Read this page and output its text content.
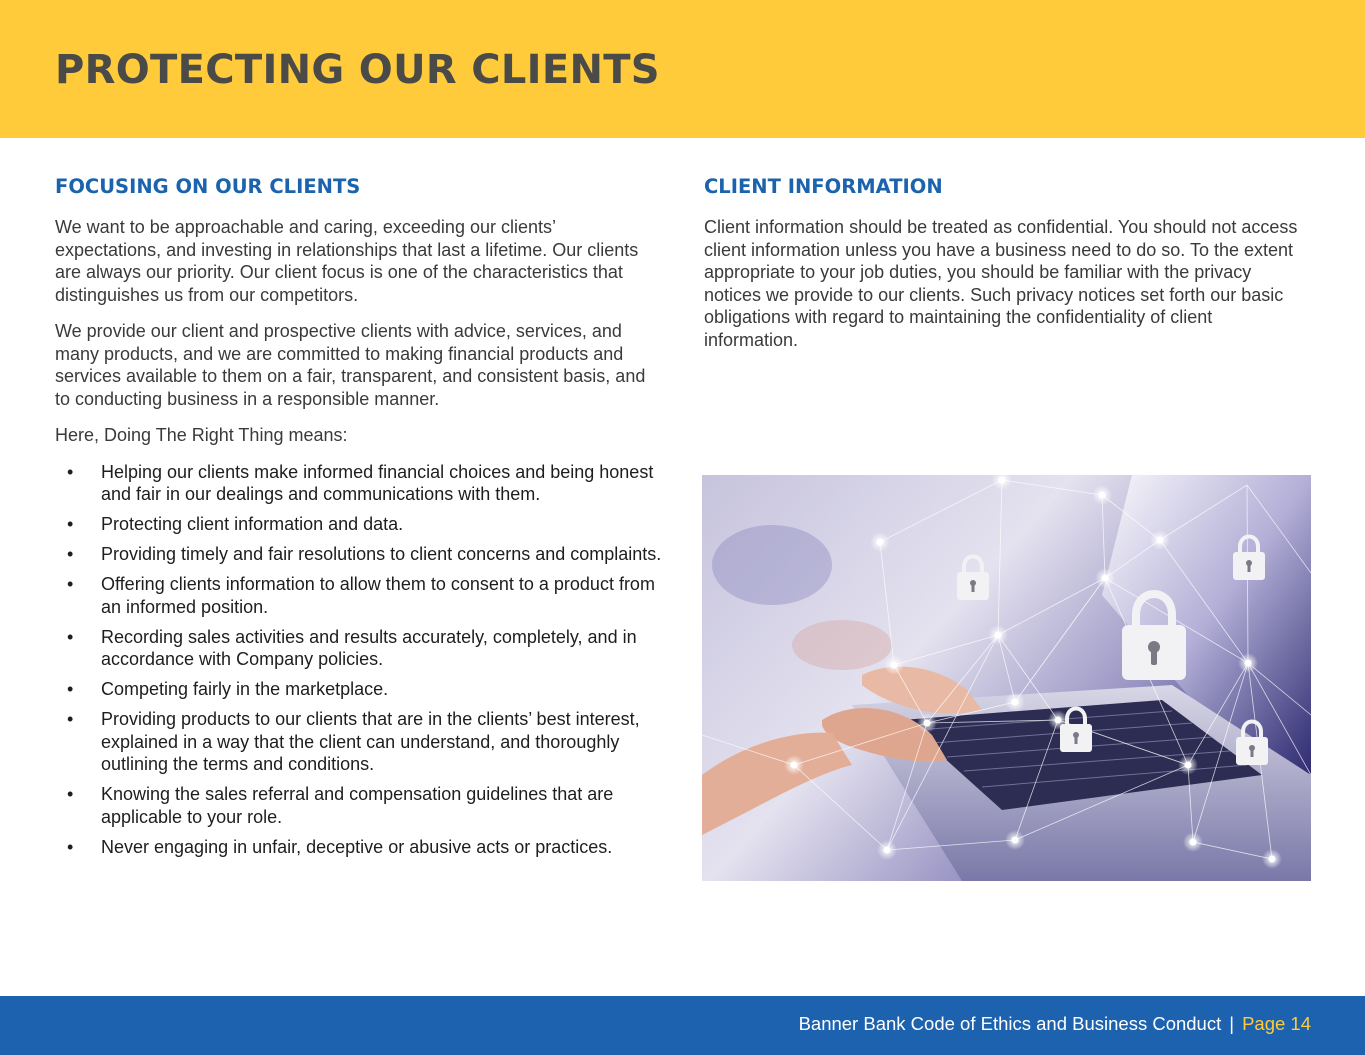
PROTECTING OUR CLIENTS
FOCUSING ON OUR CLIENTS

We want to be approachable and caring, exceeding our clients’ expectations, and investing in relationships that last a lifetime. Our clients are always our priority. Our client focus is one of the characteristics that distinguishes us from our competitors.

We provide our client and prospective clients with advice, services, and many products, and we are committed to making financial products and services available to them on a fair, transparent, and consistent basis, and to conducting business in a responsible manner.

Here, Doing The Right Thing means:

• Helping our clients make informed financial choices and being honest and fair in our dealings and communications with them.
• Protecting client information and data.
• Providing timely and fair resolutions to client concerns and complaints.
• Offering clients information to allow them to consent to a product from an informed position.
• Recording sales activities and results accurately, completely, and in accordance with Company policies.
• Competing fairly in the marketplace.
• Providing products to our clients that are in the clients’ best interest, explained in a way that the client can understand, and thoroughly outlining the terms and conditions.
• Knowing the sales referral and compensation guidelines that are applicable to your role.
• Never engaging in unfair, deceptive or abusive acts or practices.
CLIENT INFORMATION

Client information should be treated as confidential. You should not access client information unless you have a business need to do so. To the extent appropriate to your job duties, you should be familiar with the privacy notices we provide to our clients. Such privacy notices set forth our basic obligations with regard to maintaining the confidentiality of client information.

Banner Bank Code of Ethics and Business Conduct | Page 14
